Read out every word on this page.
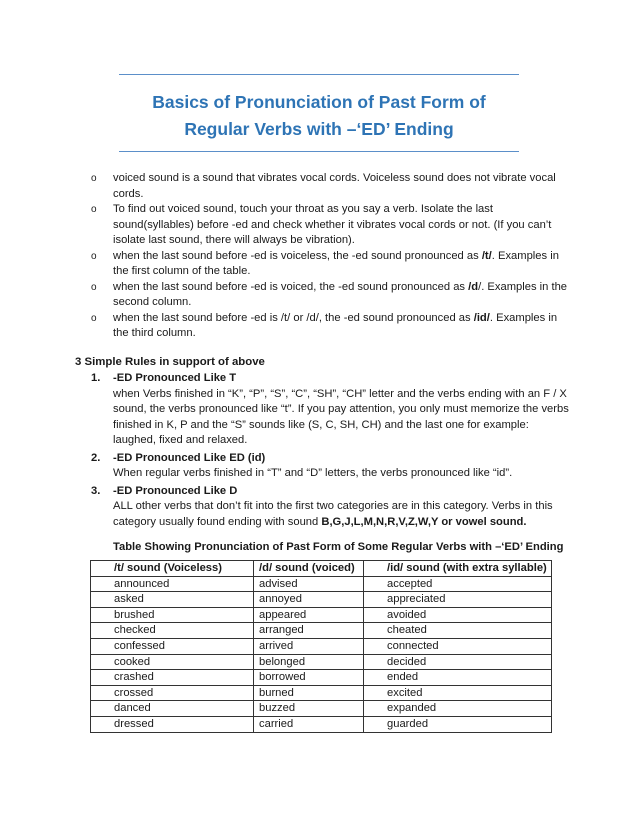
Basics of Pronunciation of Past Form of
Regular Verbs with –‘ED’ Ending
o voiced sound is a sound that vibrates vocal cords. Voiceless sound does not vibrate vocal cords.
o To find out voiced sound, touch your throat as you say a verb. Isolate the last sound(syllables) before -ed and check whether it vibrates vocal cords or not. (If you can’t isolate last sound, there will always be vibration).
o when the last sound before -ed is voiceless, the -ed sound pronounced as /t/. Examples in the first column of the table.
o when the last sound before -ed is voiced, the -ed sound pronounced as /d/. Examples in the second column.
o when the last sound before -ed is /t/ or /d/, the -ed sound pronounced as /id/. Examples in the third column.
3 Simple Rules in support of above
1. -ED Pronounced Like T
when Verbs finished in “K”, “P”, “S”, “C”, “SH”, “CH” letter and the verbs ending with an F / X sound, the verbs pronounced like “t”. If you pay attention, you only must memorize the verbs finished in K, P and the “S” sounds like (S, C, SH, CH) and the last one for example: laughed, fixed and relaxed.
2. -ED Pronounced Like ED (id)
When regular verbs finished in “T” and “D” letters, the verbs pronounced like “id”.
3. -ED Pronounced Like D
ALL other verbs that don’t fit into the first two categories are in this category. Verbs in this category usually found ending with sound B,G,J,L,M,N,R,V,Z,W,Y or vowel sound.
Table Showing Pronunciation of Past Form of Some Regular Verbs with –‘ED’ Ending
/t/ sound (Voiceless)	/d/ sound (voiced)	/id/ sound (with extra syllable)
announced	advised	accepted
asked	annoyed	appreciated
brushed	appeared	avoided
checked	arranged	cheated
confessed	arrived	connected
cooked	belonged	decided
crashed	borrowed	ended
crossed	burned	excited
danced	buzzed	expanded
dressed	carried	guarded
